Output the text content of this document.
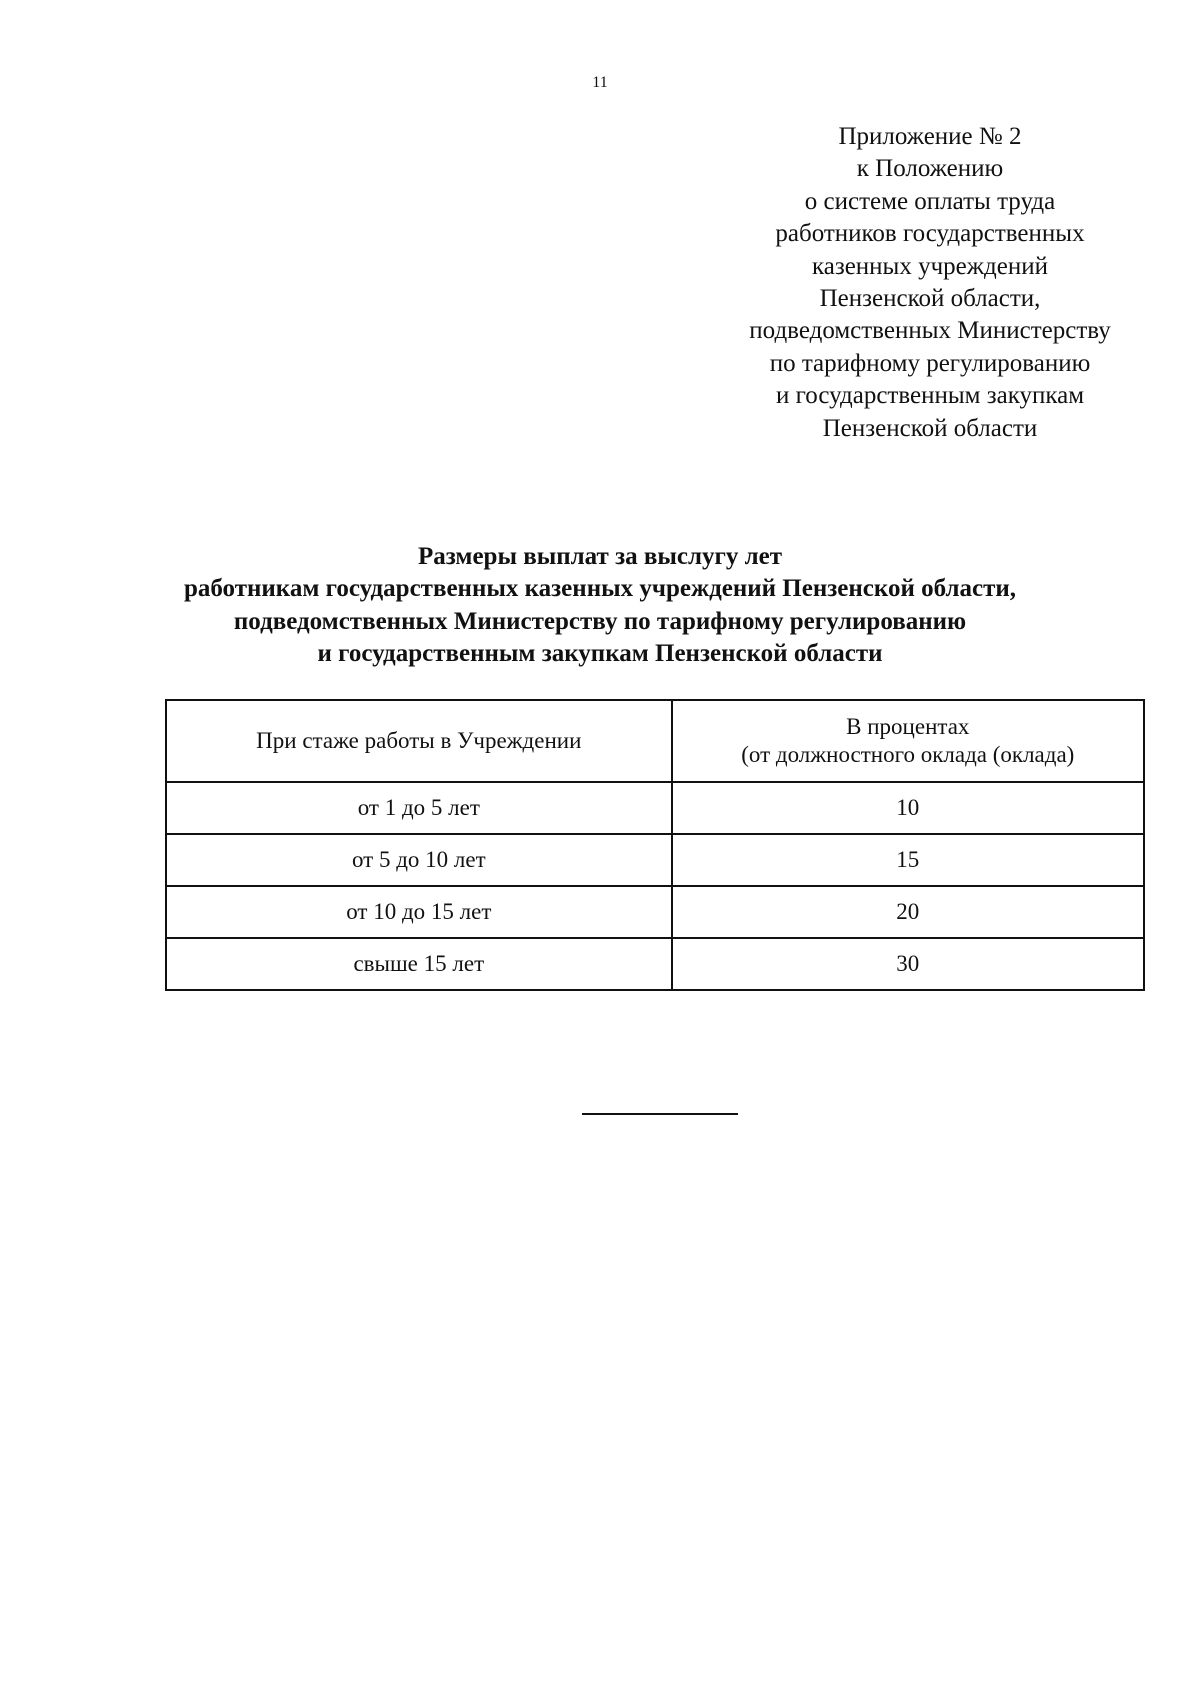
11
Приложение № 2
к Положению
о системе оплаты труда
работников государственных
казенных учреждений
Пензенской области,
подведомственных Министерству
по тарифному регулированию
и государственным закупкам
Пензенской области
Размеры выплат за выслугу лет
работникам государственных казенных учреждений Пензенской области,
подведомственных Министерству по тарифному регулированию
и государственным закупкам Пензенской области
При стаже работы в Учреждении	В процентах
(от должностного оклада (оклада)

от 1 до 5 лет	10
от 5 до 10 лет	15
от 10 до 15 лет	20
свыше 15 лет	30
